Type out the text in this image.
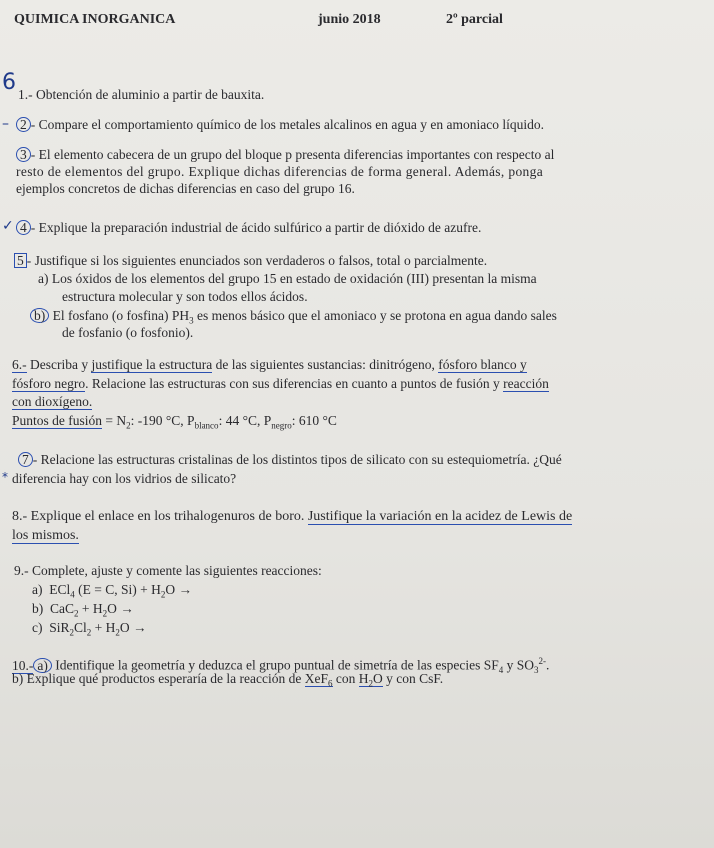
QUIMICA INORGANICA	junio 2018	2º parcial
6 1.- Obtención de aluminio a partir de bauxita.
– 2 - Compare el comportamiento químico de los metales alcalinos en agua y en amoniaco líquido.
3 - El elemento cabecera de un grupo del bloque p presenta diferencias importantes con respecto al
resto de elementos del grupo. Explique dichas diferencias de forma general. Además, ponga
ejemplos concretos de dichas diferencias en caso del grupo 16.
✓ 4 - Explique la preparación industrial de ácido sulfúrico a partir de dióxido de azufre.
5 - Justifique si los siguientes enunciados son verdaderos o falsos, total o parcialmente.
a) Los óxidos de los elementos del grupo 15 en estado de oxidación (III) presentan la misma
estructura molecular y son todos ellos ácidos.
b) El fosfano (o fosfina) $PH_3$ es menos básico que el amoniaco y se protona en agua dando sales
de fosfanio (o fosfonio).
6.- Describa y justifique la estructura de las siguientes sustancias: dinitrógeno, fósforo blanco y
fósforo negro. Relacione las estructuras con sus diferencias en cuanto a puntos de fusión y reacción
con dioxígeno.
Puntos de fusión = $N_2$: -190 °C, $P_{blanco}$: 44 °C, $P_{negro}$: 610 °C
7 - Relacione las estructuras cristalinas de los distintos tipos de silicato con su estequiometría. ¿Qué
* diferencia hay con los vidrios de silicato?
8.- Explique el enlace en los trihalogenuros de boro. Justifique la variación en la acidez de Lewis de
los mismos.
9.- Complete, ajuste y comente las siguientes reacciones:
a) ECl$_4$ (E = C, $Si) + H_2O$ →
b) $CaC_2 + H_2O$ →
c) $SiR_2Cl_2 + H_2O$ →
10.- a) Identifique la geometría y deduzca el grupo puntual de simetría de las especies $SF_4$ y $SO_3^{2-}$.
b) Explique qué productos esperaría de la reacción de XeF$_6$ con $H_2O$ y con CsF.
